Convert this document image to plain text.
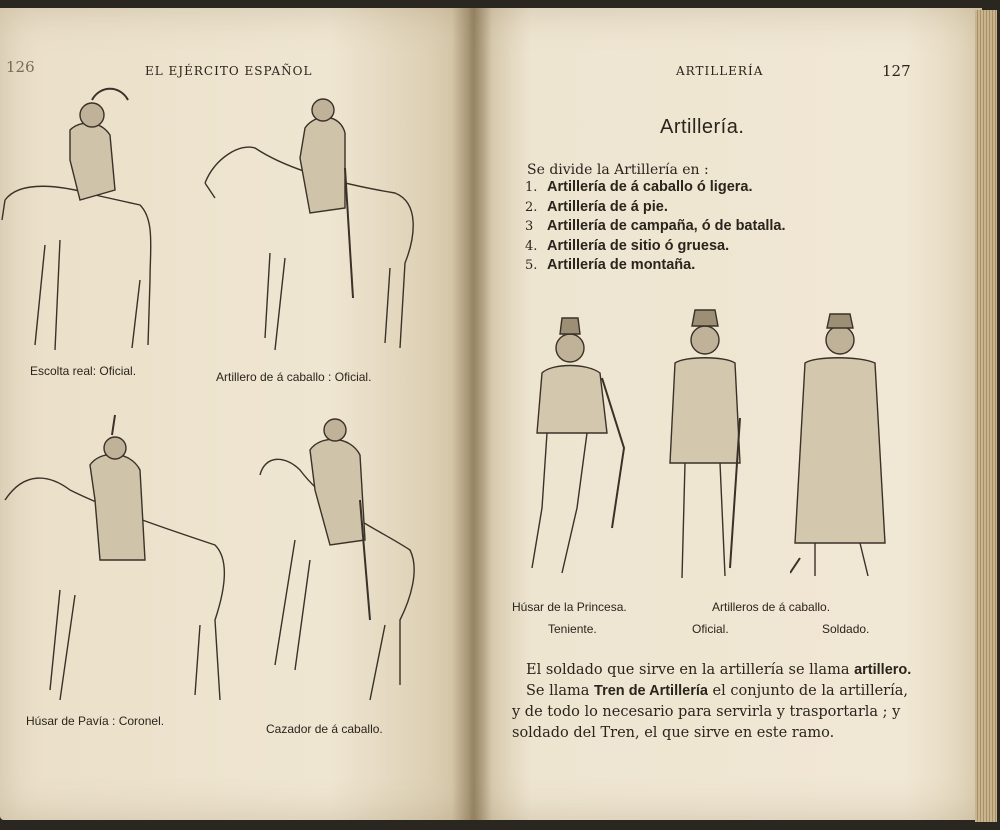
126	EL EJÉRCITO ESPAÑOL
Escolta real: Oficial.	Artillero de á caballo : Oficial.
Húsar de Pavía : Coronel.
Cazador de á caballo.
ARTILLERÍA	127
Artillería.
Se divide la Artillería en :
1. Artillería de á caballo ó ligera.
2. Artillería de á pie.
3 Artillería de campaña, ó de batalla.
4. Artillería de sitio ó gruesa.
5. Artillería de montaña.
Húsar de la Princesa.	Artilleros de á caballo.
Teniente.	Oficial.	Soldado.

El soldado que sirve en la artillería se llama artillero.

Se llama Tren de Artillería el conjunto de la artillería, y de todo lo necesario para servirla y trasportarla ; y soldado del Tren, el que sirve en este ramo.
